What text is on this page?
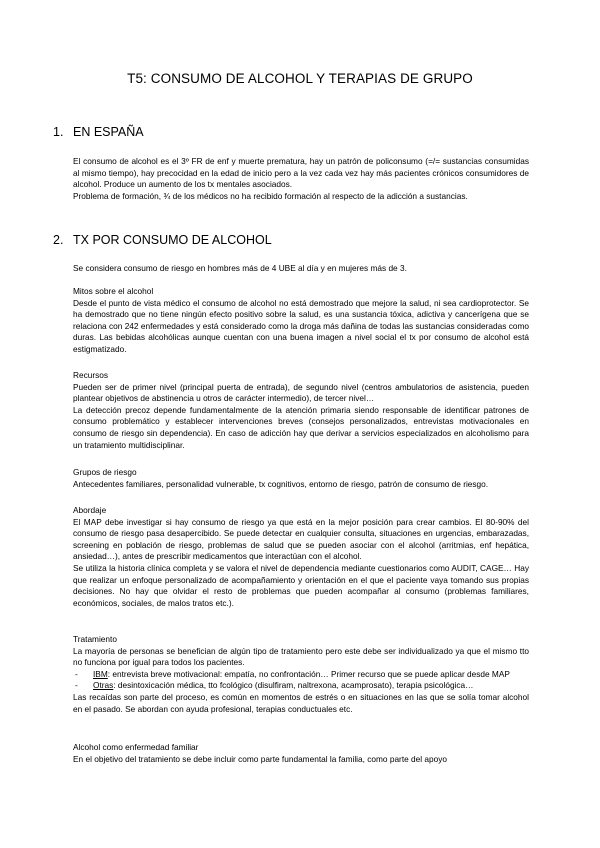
T5: CONSUMO DE ALCOHOL Y TERAPIAS DE GRUPO
1. EN ESPAÑA

El consumo de alcohol es el 3º FR de enf y muerte prematura, hay un patrón de policonsumo (=/= sustancias consumidas al mismo tiempo), hay precocidad en la edad de inicio pero a la vez cada vez hay más pacientes crónicos consumidores de alcohol. Produce un aumento de los tx mentales asociados.

Problema de formación, ¾ de los médicos no ha recibido formación al respecto de la adicción a sustancias.

2. TX POR CONSUMO DE ALCOHOL

Se considera consumo de riesgo en hombres más de 4 UBE al día y en mujeres más de 3.

Mitos sobre el alcohol

Desde el punto de vista médico el consumo de alcohol no está demostrado que mejore la salud, ni sea cardioprotector. Se ha demostrado que no tiene ningún efecto positivo sobre la salud, es una sustancia tóxica, adictiva y cancerígena que se relaciona con 242 enfermedades y está considerado como la droga más dañina de todas las sustancias consideradas como duras. Las bebidas alcohólicas aunque cuentan con una buena imagen a nivel social el tx por consumo de alcohol está estigmatizado.

Recursos

Pueden ser de primer nivel (principal puerta de entrada), de segundo nivel (centros ambulatorios de asistencia, pueden plantear objetivos de abstinencia u otros de carácter intermedio), de tercer nivel…

La detección precoz depende fundamentalmente de la atención primaria siendo responsable de identificar patrones de consumo problemático y establecer intervenciones breves (consejos personalizados, entrevistas motivacionales en consumo de riesgo sin dependencia). En caso de adicción hay que derivar a servicios especializados en alcoholismo para un tratamiento multidisciplinar.

Grupos de riesgo

Antecedentes familiares, personalidad vulnerable, tx cognitivos, entorno de riesgo, patrón de consumo de riesgo.

Abordaje

El MAP debe investigar si hay consumo de riesgo ya que está en la mejor posición para crear cambios. El 80-90% del consumo de riesgo pasa desapercibido. Se puede detectar en cualquier consulta, situaciones en urgencias, embarazadas, screening en población de riesgo, problemas de salud que se pueden asociar con el alcohol (arritmias, enf hepática, ansiedad…), antes de prescribir medicamentos que interactúan con el alcohol.

Se utiliza la historia clínica completa y se valora el nivel de dependencia mediante cuestionarios como AUDIT, CAGE… Hay que realizar un enfoque personalizado de acompañamiento y orientación en el que el paciente vaya tomando sus propias decisiones. No hay que olvidar el resto de problemas que pueden acompañar al consumo (problemas familiares, económicos, sociales, de malos tratos etc.).

Tratamiento

La mayoría de personas se benefician de algún tipo de tratamiento pero este debe ser individualizado ya que el mismo tto no funciona por igual para todos los pacientes.

- IBM: entrevista breve motivacional: empatía, no confrontación… Primer recurso que se puede aplicar desde MAP
- Otras: desintoxicación médica, tto fcológico (disulfiram, naltrexona, acamprosato), terapia psicológica…

Las recaídas son parte del proceso, es común en momentos de estrés o en situaciones en las que se solía tomar alcohol en el pasado. Se abordan con ayuda profesional, terapias conductuales etc.

Alcohol como enfermedad familiar

En el objetivo del tratamiento se debe incluir como parte fundamental la familia, como parte del apoyo
